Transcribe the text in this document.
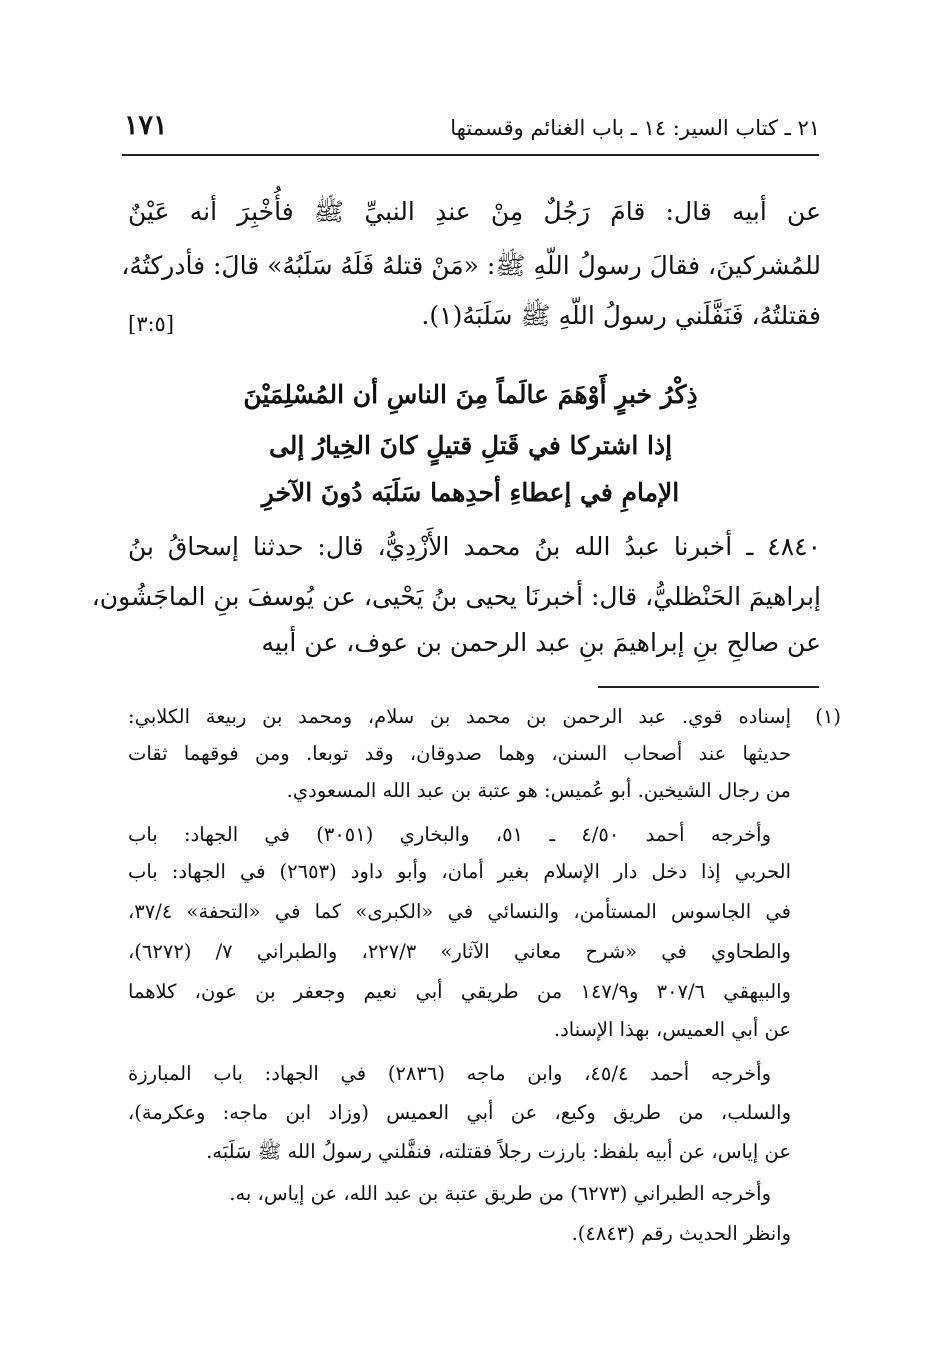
٢١ ـ كتاب السير: ١٤ ـ باب الغنائم وقسمتها
١٧١
عن أبيه قال: قامَ رَجُلٌ مِنْ عندِ النبيِّ ﷺ فأُخْبِرَ أنه عَيْنٌ
للمُشركينَ، فقالَ رسولُ اللّهِ ﷺ: «مَنْ قتلهُ فَلَهُ سَلَبُهُ» قالَ: فأدركتُهُ،
فقتلتُهُ، فَنَفَّلَني رسولُ اللّهِ ﷺ سَلَبَهُ(١).
[٣:٥]
ذِكْرُ خبرٍ أَوْهَمَ عالَماً مِنَ الناسِ أن المُسْلِمَيْنَ
إذا اشتركا في قَتلِ قتيلٍ كانَ الخِيارُ إلى
الإمامِ في إعطاءِ أحدِهما سَلَبَه دُونَ الآخرِ
٤٨٤٠ ـ أخبرنا عبدُ الله بنُ محمد الأَزْدِيُّ، قال: حدثنا إسحاقُ بنُ
إبراهيمَ الحَنْظليُّ، قال: أخبرنَا يحيى بنُ يَحْيى، عن يُوسفَ بنِ الماجَشُون،
عن صالحِ بنِ إبراهيمَ بنِ عبد الرحمن بن عوف، عن أبيه
(١)
إسناده قوي. عبد الرحمن بن محمد بن سلام، ومحمد بن ربيعة الكلابي:
حديثها عند أصحاب السنن، وهما صدوقان، وقد توبعا. ومن فوقهما ثقات
من رجال الشيخين. أبو عُميس: هو عتبة بن عبد الله المسعودي.
وأخرجه أحمد ٤/٥٠ ـ ٥١، والبخاري (٣٠٥١) في الجهاد: باب
الحربي إذا دخل دار الإسلام بغير أمان، وأبو داود (٢٦٥٣) في الجهاد: باب
في الجاسوس المستأمن، والنسائي في «الكبرى» كما في «التحفة» ٣٧/٤،
والطحاوي في «شرح معاني الآثار» ٢٢٧/٣، والطبراني ٧/ (٦٢٧٢)،
والبيهقي ٣٠٧/٦ و١٤٧/٩ من طريقي أبي نعيم وجعفر بن عون، كلاهما
عن أبي العميس، بهذا الإسناد.
وأخرجه أحمد ٤٥/٤، وابن ماجه (٢٨٣٦) في الجهاد: باب المبارزة
والسلب، من طريق وكيع، عن أبي العميس (وزاد ابن ماجه: وعكرمة)،
عن إياس، عن أبيه بلفظ: بارزت رجلاً فقتلته، فنفَّلني رسولُ الله ﷺ سَلَبَه.
وأخرجه الطبراني (٦٢٧٣) من طريق عتبة بن عبد الله، عن إياس، به.
وانظر الحديث رقم (٤٨٤٣).
